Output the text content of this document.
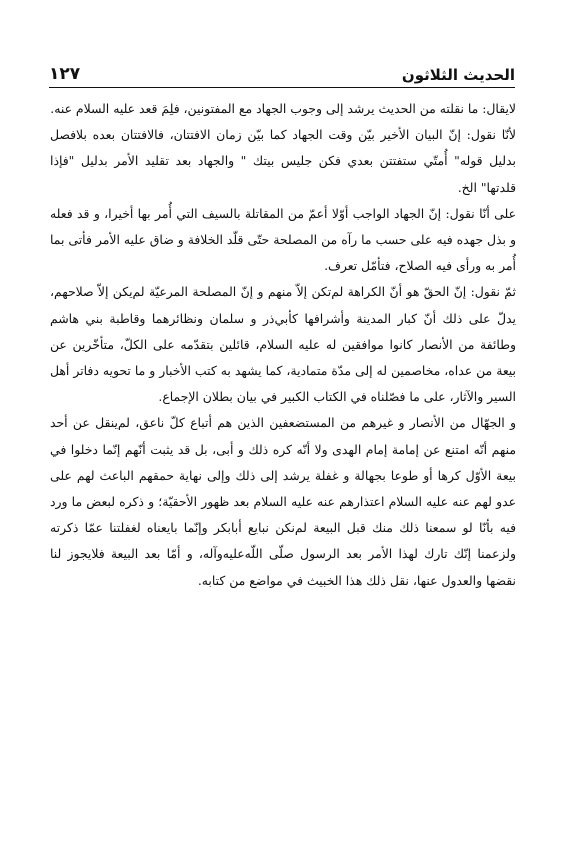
الحديث الثلاثون
١٢٧

لايقال: ما نقلته من الحديث يرشد إلى وجوب الجهاد مع المفتونين، فلِمَ قعد عليه السلام عنه.

لأنّا نقول: إنّ البيان الأخير بيّن وقت الجهاد كما بيّن زمان الافتتان، فالافتتان بعده بلافصل بدليل قوله" أُمتّي ستفتتن بعدي فكن جليس بيتك " والجهاد بعد تقليد الأمر بدليل "فإذا قلدتها" الخ.

على أنّا نقول: إنّ الجهاد الواجب أوّلا أعمّ من المقاتلة بالسيف التي أُمر بها أخيرا، و قد فعله و بذل جهده فيه على حسب ما رآه من المصلحة حتّى قلّد الخلافة و ضاق عليه الأمر فأتى بما أُمر به ورأى فيه الصلاح، فتأمّل تعرف.

ثمّ نقول: إنّ الحقّ هو أنّ الكراهة لم‌تكن إلاّ منهم و إنّ المصلحة المرعيّة لم‌يكن إلاّ صلاحهم، يدلّ على ذلك أنّ كبار المدينة وأشرافها كأبي‌ذر و سلمان ونظائرهما وقاطبة بني هاشم وطائفة من الأنصار كانوا موافقين له عليه السلام، قائلين بتقدّمه على الكلّ، متأخّرين عن بيعة من عداه، مخاصمين له إلى مدّة متمادية، كما يشهد به كتب الأخبار و ما تحويه دفاتر أهل السير والآثار، على ما فصّلناه في الكتاب الكبير في بيان بطلان الإجماع.

و الجهّال من الأنصار و غيرهم من المستضعفين الذين هم أتباع كلّ ناعق، لم‌ينقل عن أحد منهم أنّه امتنع عن إمامة إمام الهدى ولا أنّه كره ذلك و أبى، بل قد يثبت أنّهم إنّما دخلوا في بيعة الأوّل كرها أو طوعا بجهالة و غفلة يرشد إلى ذلك وإلى نهاية حمقهم الباعث لهم على عدو لهم عنه عليه السلام اعتذارهم عنه عليه السلام بعد ظهور الأحقيّة؛ و ذكره لبعض ما ورد فيه بأنّا لو سمعنا ذلك منك قبل البيعة لم‌نكن نبايع أبابكر وإنّما بايعناه لغفلتنا عمّا ذكرته ولزعمنا إنّك تارك لهذا الأمر بعد الرسول صلّى اللّه‌عليه‌وآله، و أمّا بعد البيعة فلايجوز لنا نقضها والعدول عنها، نقل ذلك هذا الخبيث في مواضع من كتابه.
